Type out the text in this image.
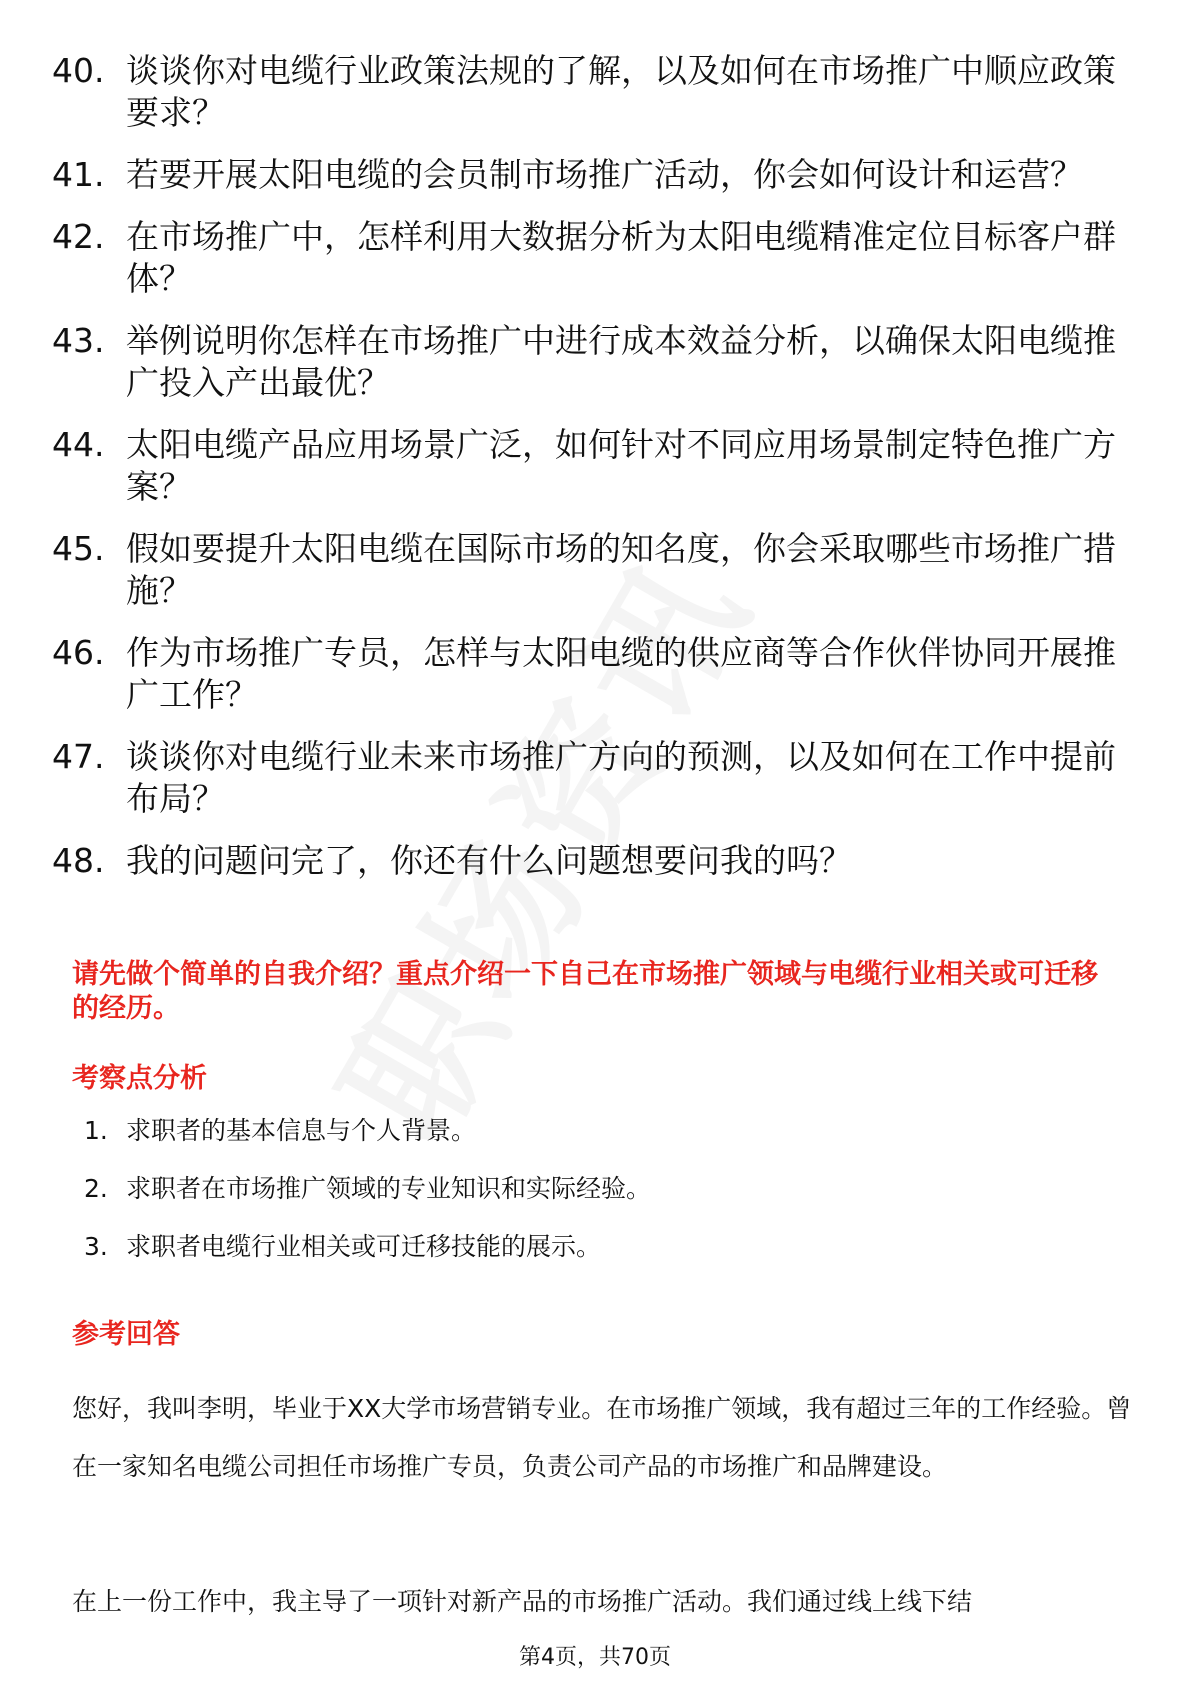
40. 谈谈你对电缆行业政策法规的了解，以及如何在市场推广中顺应政策要求？
41. 若要开展太阳电缆的会员制市场推广活动，你会如何设计和运营？
42. 在市场推广中，怎样利用大数据分析为太阳电缆精准定位目标客户群体？
43. 举例说明你怎样在市场推广中进行成本效益分析，以确保太阳电缆推广投入产出最优？
44. 太阳电缆产品应用场景广泛，如何针对不同应用场景制定特色推广方案？
45. 假如要提升太阳电缆在国际市场的知名度，你会采取哪些市场推广措施？
46. 作为市场推广专员，怎样与太阳电缆的供应商等合作伙伴协同开展推广工作？
47. 谈谈你对电缆行业未来市场推广方向的预测，以及如何在工作中提前布局？
48. 我的问题问完了，你还有什么问题想要问我的吗？
请先做个简单的自我介绍？重点介绍一下自己在市场推广领域与电缆行业相关或可迁移的经历。
考察点分析
1. 求职者的基本信息与个人背景。
2. 求职者在市场推广领域的专业知识和实际经验。
3. 求职者电缆行业相关或可迁移技能的展示。
参考回答
您好，我叫李明，毕业于XX大学市场营销专业。在市场推广领域，我有超过三年的工作经验。曾在一家知名电缆公司担任市场推广专员，负责公司产品的市场推广和品牌建设。
在上一份工作中，我主导了一项针对新产品的市场推广活动。我们通过线上线下结
第4页，共70页
